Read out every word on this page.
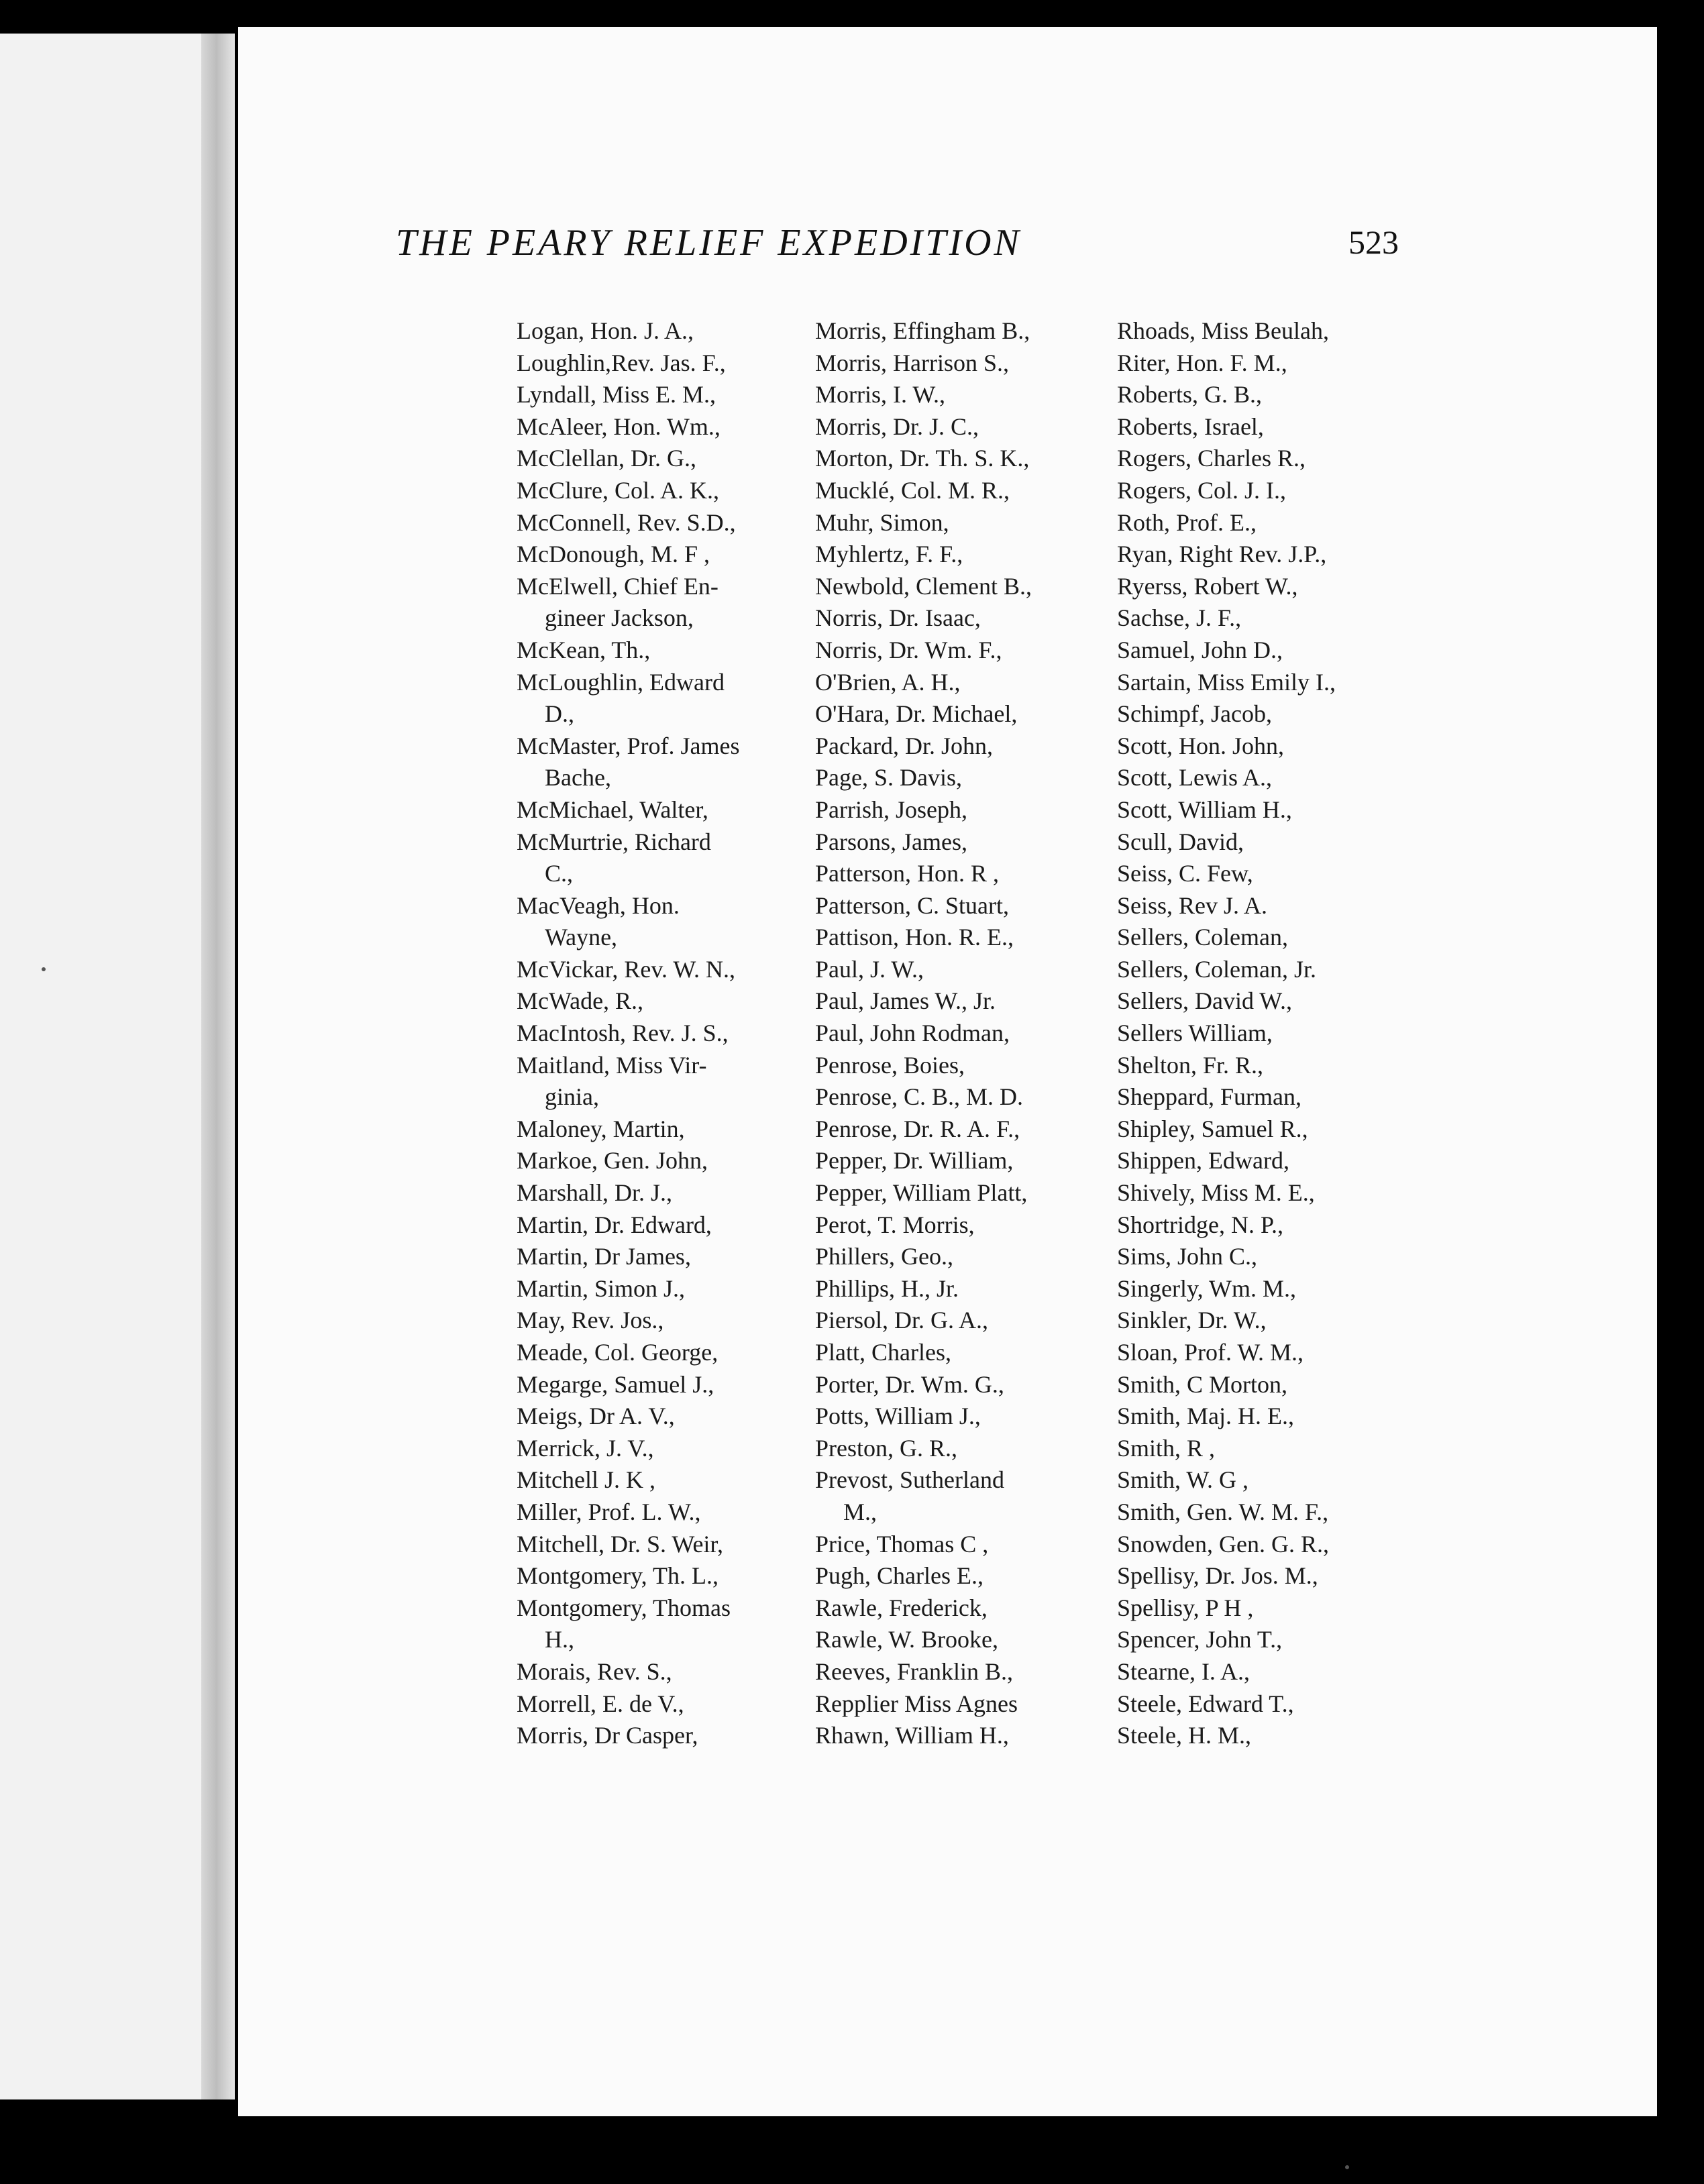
THE PEARY RELIEF EXPEDITION	523
Logan, Hon. J. A.,
Loughlin,Rev. Jas. F.,
Lyndall, Miss E. M.,
McAleer, Hon. Wm.,
McClellan, Dr. G.,
McClure, Col. A. K.,
McConnell, Rev. S.D.,
McDonough, M. F ,
McElwell, Chief En-
gineer Jackson,
McKean, Th.,
McLoughlin, Edward
D.,
McMaster, Prof. James
Bache,
McMichael, Walter,
McMurtrie, Richard
C.,
MacVeagh, Hon.
Wayne,
McVickar, Rev. W. N.,
McWade, R.,
MacIntosh, Rev. J. S.,
Maitland, Miss Vir-
ginia,
Maloney, Martin,
Markoe, Gen. John,
Marshall, Dr. J.,
Martin, Dr. Edward,
Martin, Dr James,
Martin, Simon J.,
May, Rev. Jos.,
Meade, Col. George,
Megarge, Samuel J.,
Meigs, Dr A. V.,
Merrick, J. V.,
Mitchell J. K ,
Miller, Prof. L. W.,
Mitchell, Dr. S. Weir,
Montgomery, Th. L.,
Montgomery, Thomas
H.,
Morais, Rev. S.,
Morrell, E. de V.,
Morris, Dr Casper,
Morris, Effingham B.,
Morris, Harrison S.,
Morris, I. W.,
Morris, Dr. J. C.,
Morton, Dr. Th. S. K.,
Mucklé, Col. M. R.,
Muhr, Simon,
Myhlertz, F. F.,
Newbold, Clement B.,
Norris, Dr. Isaac,
Norris, Dr. Wm. F.,
O'Brien, A. H.,
O'Hara, Dr. Michael,
Packard, Dr. John,
Page, S. Davis,
Parrish, Joseph,
Parsons, James,
Patterson, Hon. R ,
Patterson, C. Stuart,
Pattison, Hon. R. E.,
Paul, J. W.,
Paul, James W., Jr.
Paul, John Rodman,
Penrose, Boies,
Penrose, C. B., M. D.
Penrose, Dr. R. A. F.,
Pepper, Dr. William,
Pepper, William Platt,
Perot, T. Morris,
Phillers, Geo.,
Phillips, H., Jr.
Piersol, Dr. G. A.,
Platt, Charles,
Porter, Dr. Wm. G.,
Potts, William J.,
Preston, G. R.,
Prevost, Sutherland
M.,
Price, Thomas C ,
Pugh, Charles E.,
Rawle, Frederick,
Rawle, W. Brooke,
Reeves, Franklin B.,
Repplier Miss Agnes
Rhawn, William H.,
Rhoads, Miss Beulah,
Riter, Hon. F. M.,
Roberts, G. B.,
Roberts, Israel,
Rogers, Charles R.,
Rogers, Col. J. I.,
Roth, Prof. E.,
Ryan, Right Rev. J.P.,
Ryerss, Robert W.,
Sachse, J. F.,
Samuel, John D.,
Sartain, Miss Emily I.,
Schimpf, Jacob,
Scott, Hon. John,
Scott, Lewis A.,
Scott, William H.,
Scull, David,
Seiss, C. Few,
Seiss, Rev J. A.
Sellers, Coleman,
Sellers, Coleman, Jr.
Sellers, David W.,
Sellers William,
Shelton, Fr. R.,
Sheppard, Furman,
Shipley, Samuel R.,
Shippen, Edward,
Shively, Miss M. E.,
Shortridge, N. P.,
Sims, John C.,
Singerly, Wm. M.,
Sinkler, Dr. W.,
Sloan, Prof. W. M.,
Smith, C Morton,
Smith, Maj. H. E.,
Smith, R ,
Smith, W. G ,
Smith, Gen. W. M. F.,
Snowden, Gen. G. R.,
Spellisy, Dr. Jos. M.,
Spellisy, P H ,
Spencer, John T.,
Stearne, I. A.,
Steele, Edward T.,
Steele, H. M.,
